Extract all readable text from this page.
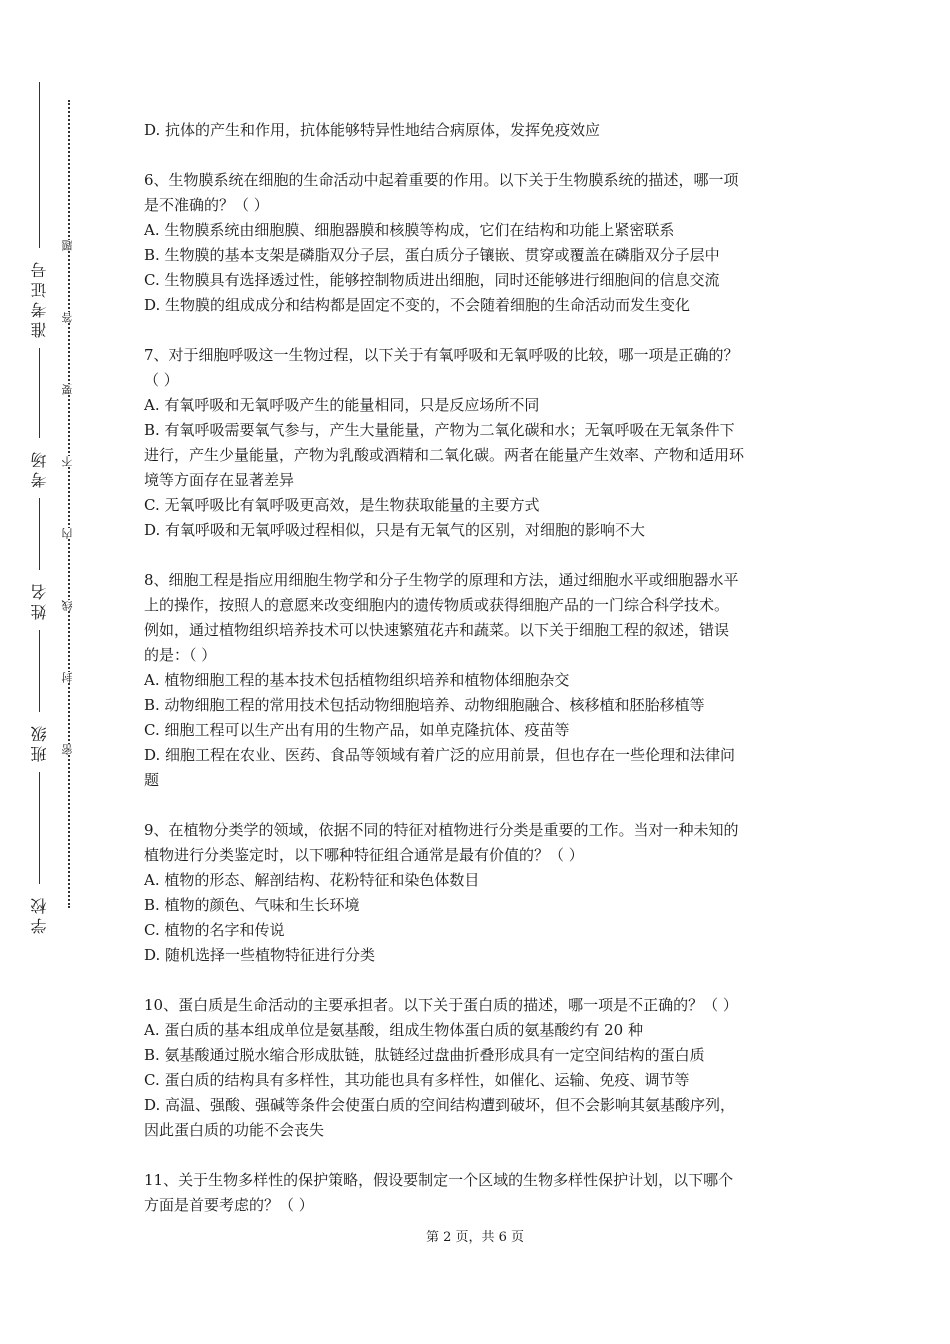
准考证号
考场
姓名
班级
学校
题
答
要
不
内
线
封
密
D. 抗体的产生和作用，抗体能够特异性地结合病原体，发挥免疫效应
6、生物膜系统在细胞的生命活动中起着重要的作用。以下关于生物膜系统的描述，哪一项
是不准确的？（ ）
A. 生物膜系统由细胞膜、细胞器膜和核膜等构成，它们在结构和功能上紧密联系
B. 生物膜的基本支架是磷脂双分子层，蛋白质分子镶嵌、贯穿或覆盖在磷脂双分子层中
C. 生物膜具有选择透过性，能够控制物质进出细胞，同时还能够进行细胞间的信息交流
D. 生物膜的组成成分和结构都是固定不变的，不会随着细胞的生命活动而发生变化
7、对于细胞呼吸这一生物过程，以下关于有氧呼吸和无氧呼吸的比较，哪一项是正确的？
（ ）
A. 有氧呼吸和无氧呼吸产生的能量相同，只是反应场所不同
B. 有氧呼吸需要氧气参与，产生大量能量，产物为二氧化碳和水；无氧呼吸在无氧条件下
进行，产生少量能量，产物为乳酸或酒精和二氧化碳。两者在能量产生效率、产物和适用环
境等方面存在显著差异
C. 无氧呼吸比有氧呼吸更高效，是生物获取能量的主要方式
D. 有氧呼吸和无氧呼吸过程相似，只是有无氧气的区别，对细胞的影响不大
8、细胞工程是指应用细胞生物学和分子生物学的原理和方法，通过细胞水平或细胞器水平
上的操作，按照人的意愿来改变细胞内的遗传物质或获得细胞产品的一门综合科学技术。
例如，通过植物组织培养技术可以快速繁殖花卉和蔬菜。以下关于细胞工程的叙述，错误
的是：（ ）
A. 植物细胞工程的基本技术包括植物组织培养和植物体细胞杂交
B. 动物细胞工程的常用技术包括动物细胞培养、动物细胞融合、核移植和胚胎移植等
C. 细胞工程可以生产出有用的生物产品，如单克隆抗体、疫苗等
D. 细胞工程在农业、医药、食品等领域有着广泛的应用前景，但也存在一些伦理和法律问
题
9、在植物分类学的领域，依据不同的特征对植物进行分类是重要的工作。当对一种未知的
植物进行分类鉴定时，以下哪种特征组合通常是最有价值的？（ ）
A. 植物的形态、解剖结构、花粉特征和染色体数目
B. 植物的颜色、气味和生长环境
C. 植物的名字和传说
D. 随机选择一些植物特征进行分类
10、蛋白质是生命活动的主要承担者。以下关于蛋白质的描述，哪一项是不正确的？（ ）
A. 蛋白质的基本组成单位是氨基酸，组成生物体蛋白质的氨基酸约有 20 种
B. 氨基酸通过脱水缩合形成肽链，肽链经过盘曲折叠形成具有一定空间结构的蛋白质
C. 蛋白质的结构具有多样性，其功能也具有多样性，如催化、运输、免疫、调节等
D. 高温、强酸、强碱等条件会使蛋白质的空间结构遭到破坏，但不会影响其氨基酸序列，
因此蛋白质的功能不会丧失
11、关于生物多样性的保护策略，假设要制定一个区域的生物多样性保护计划，以下哪个
方面是首要考虑的？（ ）
第 2 页，共 6 页
